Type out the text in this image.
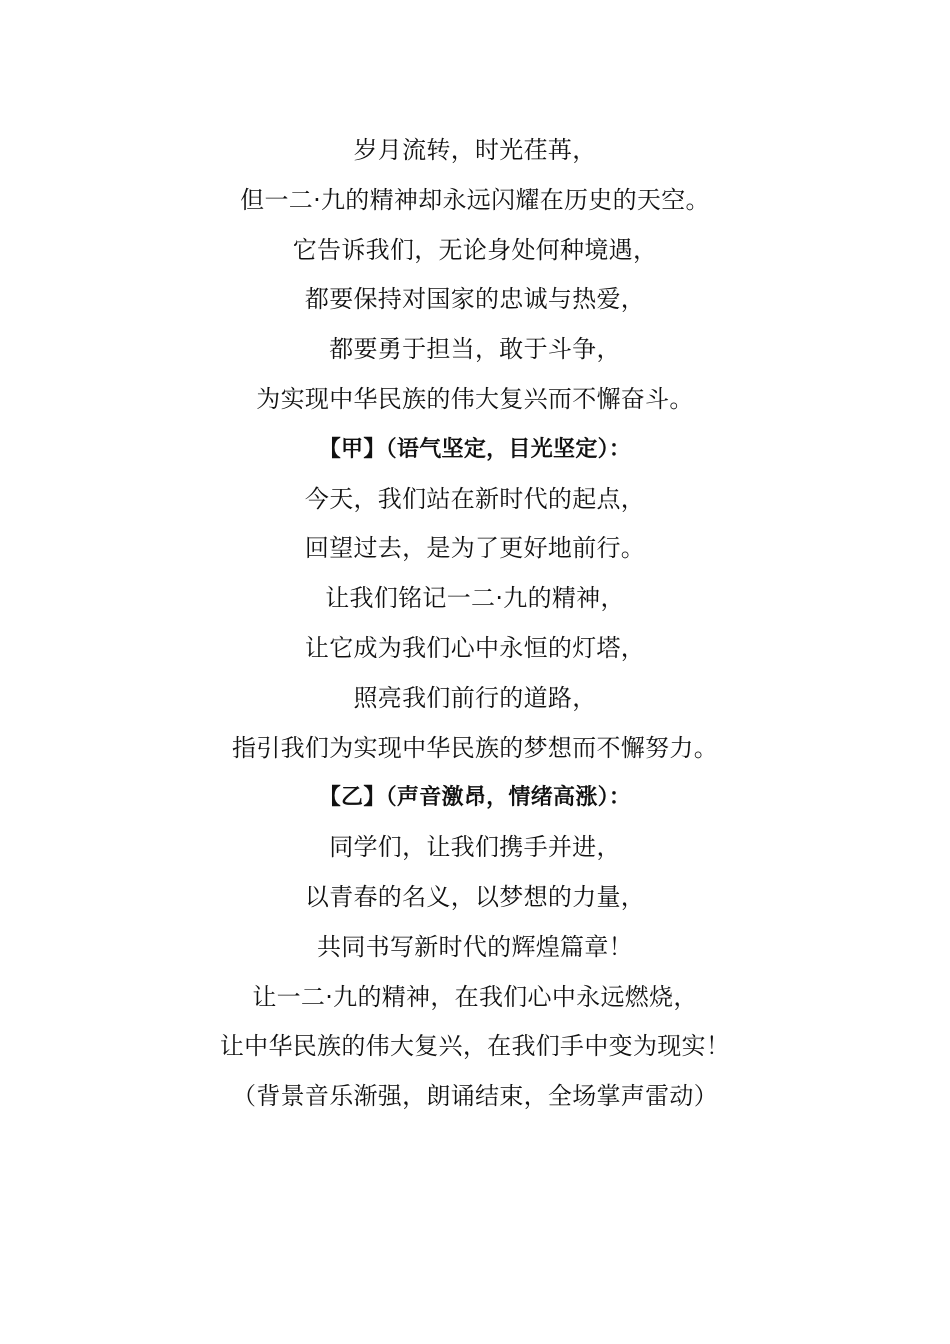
岁月流转，时光荏苒，
但一二·九的精神却永远闪耀在历史的天空。
它告诉我们，无论身处何种境遇，
都要保持对国家的忠诚与热爱，
都要勇于担当，敢于斗争，
为实现中华民族的伟大复兴而不懈奋斗。
【甲】（语气坚定，目光坚定）：
今天，我们站在新时代的起点，
回望过去，是为了更好地前行。
让我们铭记一二·九的精神，
让它成为我们心中永恒的灯塔，
照亮我们前行的道路，
指引我们为实现中华民族的梦想而不懈努力。
【乙】（声音激昂，情绪高涨）：
同学们，让我们携手并进，
以青春的名义，以梦想的力量，
共同书写新时代的辉煌篇章！
让一二·九的精神，在我们心中永远燃烧，
让中华民族的伟大复兴，在我们手中变为现实！
（背景音乐渐强，朗诵结束，全场掌声雷动）
